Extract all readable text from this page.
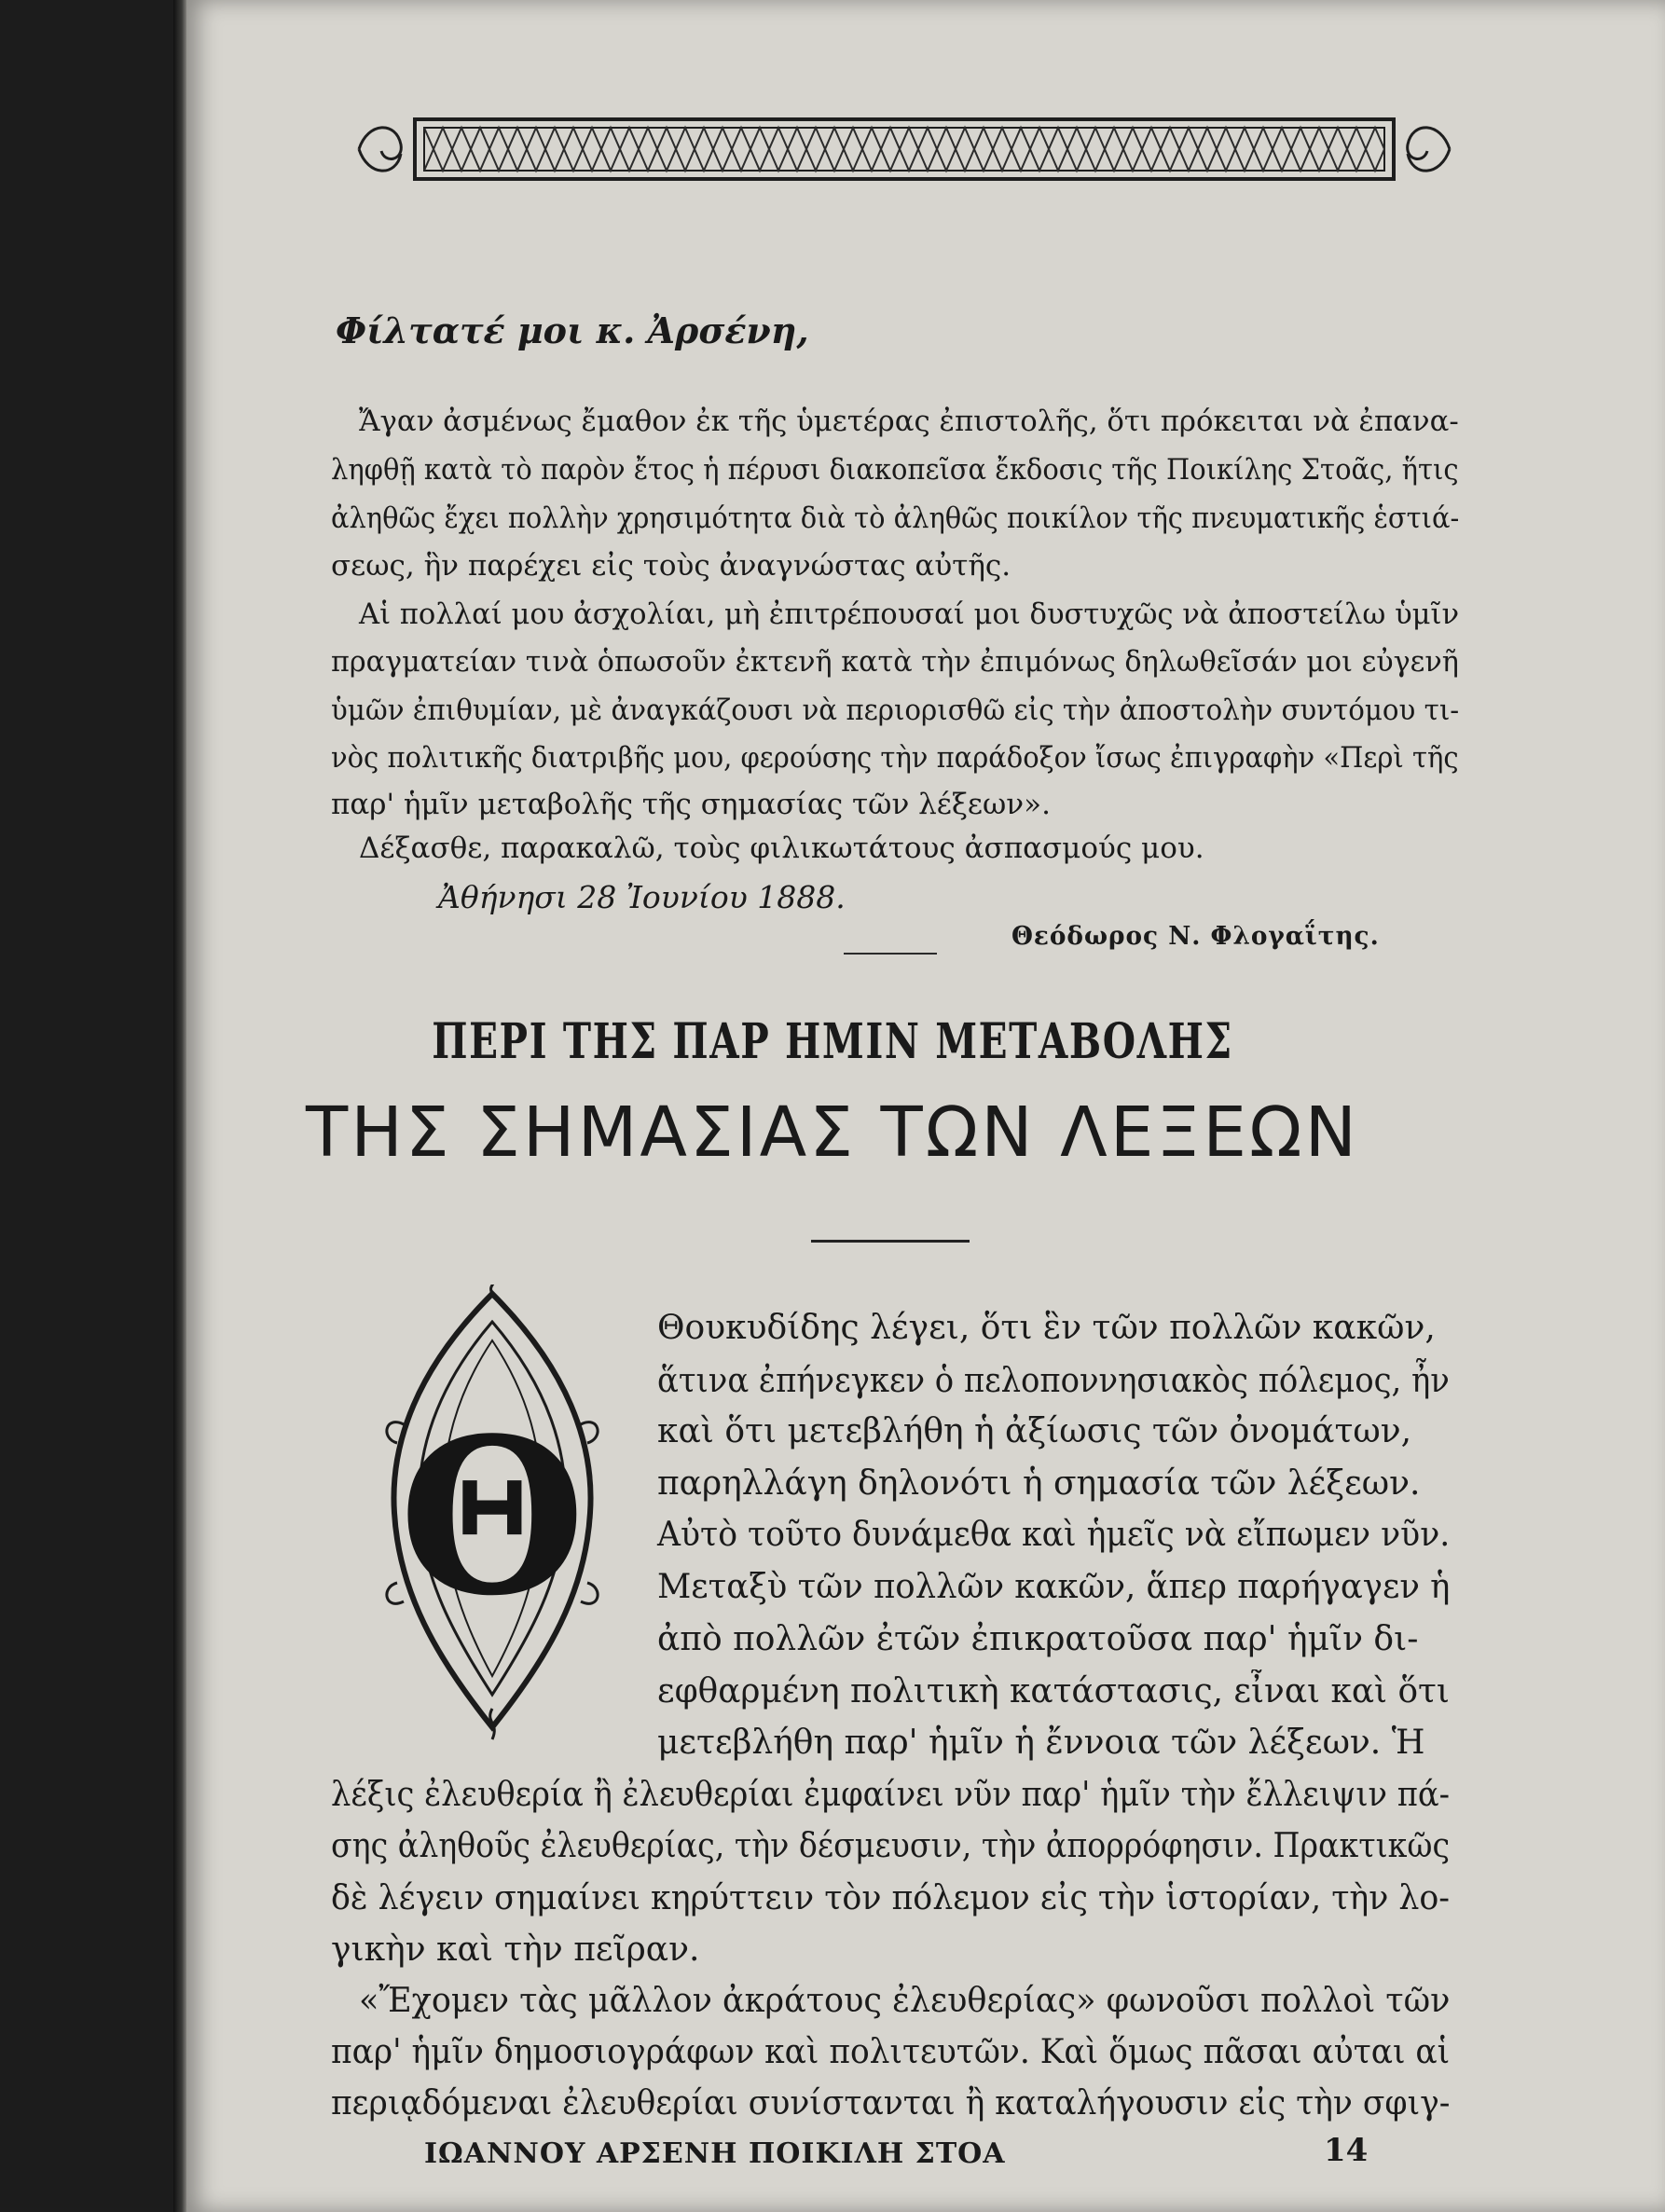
Φίλτατέ μοι κ. Ἀρσένη,
Ἄγαν ἀσμένως ἔμαθον ἐκ τῆς ὑμετέρας ἐπιστολῆς, ὅτι πρόκειται νὰ ἐπανα-
ληφθῇ κατὰ τὸ παρὸν ἔτος ἡ πέρυσι διακοπεῖσα ἔκδοσις τῆς Ποικίλης Στοᾶς, ἥτις
ἀληθῶς ἔχει πολλὴν χρησιμότητα διὰ τὸ ἀληθῶς ποικίλον τῆς πνευματικῆς ἑστιά-
σεως, ἣν παρέχει εἰς τοὺς ἀναγνώστας αὐτῆς.
Αἱ πολλαί μου ἀσχολίαι, μὴ ἐπιτρέπουσαί μοι δυστυχῶς νὰ ἀποστείλω ὑμῖν
πραγματείαν τινὰ ὁπωσοῦν ἐκτενῆ κατὰ τὴν ἐπιμόνως δηλωθεῖσάν μοι εὐγενῆ
ὑμῶν ἐπιθυμίαν, μὲ ἀναγκάζουσι νὰ περιορισθῶ εἰς τὴν ἀποστολὴν συντόμου τι-
νὸς πολιτικῆς διατριβῆς μου, φερούσης τὴν παράδοξον ἴσως ἐπιγραφὴν «Περὶ τῆς
παρ' ἡμῖν μεταβολῆς τῆς σημασίας τῶν λέξεων».
Δέξασθε, παρακαλῶ, τοὺς φιλικωτάτους ἀσπασμούς μου.
Ἀθήνησι 28 Ἰουνίου 1888.
Θεόδωρος Ν. Φλογαΐτης.
ΠΕΡΙ ΤΗΣ ΠΑΡ ΗΜΙΝ ΜΕΤΑΒΟΛΗΣ
ΤΗΣ ΣΗΜΑΣΙΑΣ ΤΩΝ ΛΕΞΕΩΝ
Θ
Θουκυδίδης λέγει, ὅτι ἓν τῶν πολλῶν κακῶν,
ἅτινα ἐπήνεγκεν ὁ πελοποννησιακὸς πόλεμος, ἦν
καὶ ὅτι μετεβλήθη ἡ ἀξίωσις τῶν ὀνομάτων,
παρηλλάγη δηλονότι ἡ σημασία τῶν λέξεων.
Αὐτὸ τοῦτο δυνάμεθα καὶ ἡμεῖς νὰ εἴπωμεν νῦν.
Μεταξὺ τῶν πολλῶν κακῶν, ἅπερ παρήγαγεν ἡ
ἀπὸ πολλῶν ἐτῶν ἐπικρατοῦσα παρ' ἡμῖν δι-
εφθαρμένη πολιτικὴ κατάστασις, εἶναι καὶ ὅτι
μετεβλήθη παρ' ἡμῖν ἡ ἔννοια τῶν λέξεων. Ἡ
λέξις ἐλευθερία ἢ ἐλευθερίαι ἐμφαίνει νῦν παρ' ἡμῖν τὴν ἔλλειψιν πά-
σης ἀληθοῦς ἐλευθερίας, τὴν δέσμευσιν, τὴν ἀπορρόφησιν. Πρακτικῶς
δὲ λέγειν σημαίνει κηρύττειν τὸν πόλεμον εἰς τὴν ἱστορίαν, τὴν λο-
γικὴν καὶ τὴν πεῖραν.
«Ἔχομεν τὰς μᾶλλον ἀκράτους ἐλευθερίας» φωνοῦσι πολλοὶ τῶν
παρ' ἡμῖν δημοσιογράφων καὶ πολιτευτῶν. Καὶ ὅμως πᾶσαι αὐται αἱ
περιᾳδόμεναι ἐλευθερίαι συνίστανται ἢ καταλήγουσιν εἰς τὴν σφιγ-
ΙΩΑΝΝΟΥ ΑΡΣΕΝΗ ΠΟΙΚΙΛΗ ΣΤΟΑ	14
